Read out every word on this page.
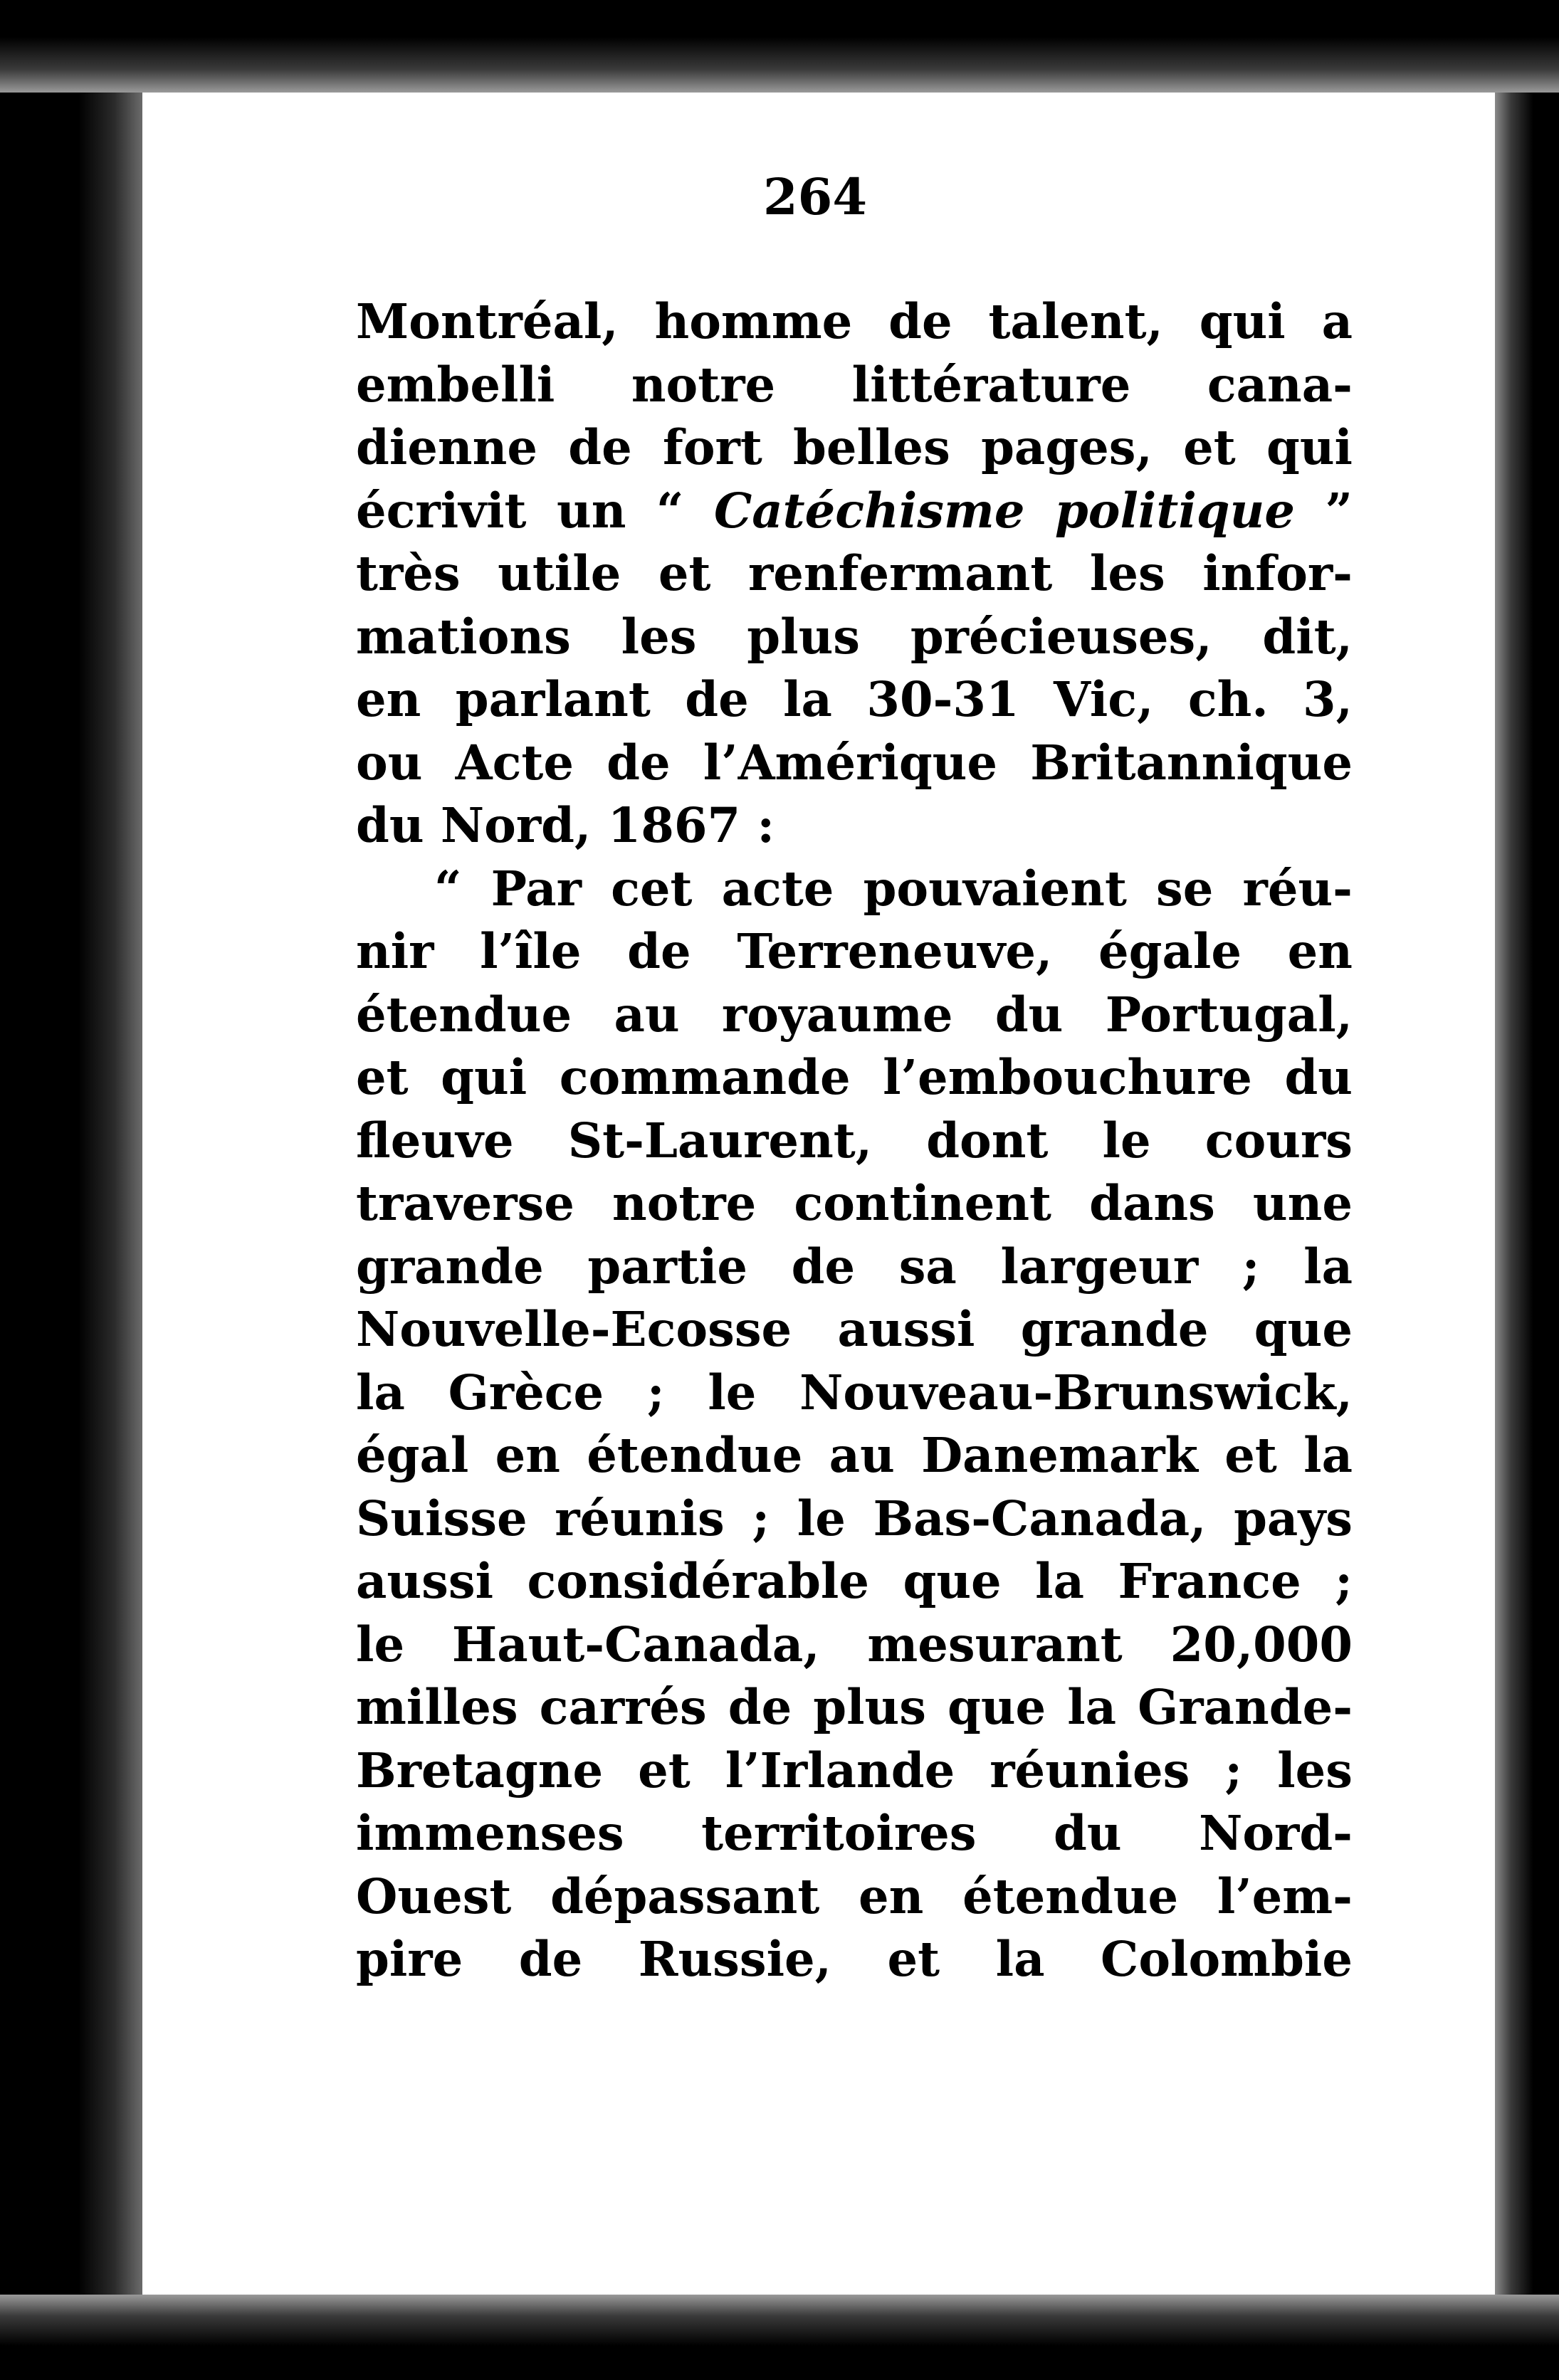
264
Montréal, homme de talent, qui a
embelli notre littérature cana-
dienne de fort belles pages, et qui
écrivit un “ Catéchisme politique ”
très utile et renfermant les infor-
mations les plus précieuses, dit,
en parlant de la 30-31 Vic, ch. 3,
ou Acte de l’Amérique Britannique
du Nord, 1867 :
“ Par cet acte pouvaient se réu-
nir l’île de Terreneuve, égale en
étendue au royaume du Portugal,
et qui commande l’embouchure du
fleuve St-Laurent, dont le cours
traverse notre continent dans une
grande partie de sa largeur ; la
Nouvelle-Ecosse aussi grande que
la Grèce ; le Nouveau-Brunswick,
égal en étendue au Danemark et la
Suisse réunis ; le Bas-Canada, pays
aussi considérable que la France ;
le Haut-Canada, mesurant 20,000
milles carrés de plus que la Grande-
Bretagne et l’Irlande réunies ; les
immenses territoires du Nord-
Ouest dépassant en étendue l’em-
pire de Russie, et la Colombie
